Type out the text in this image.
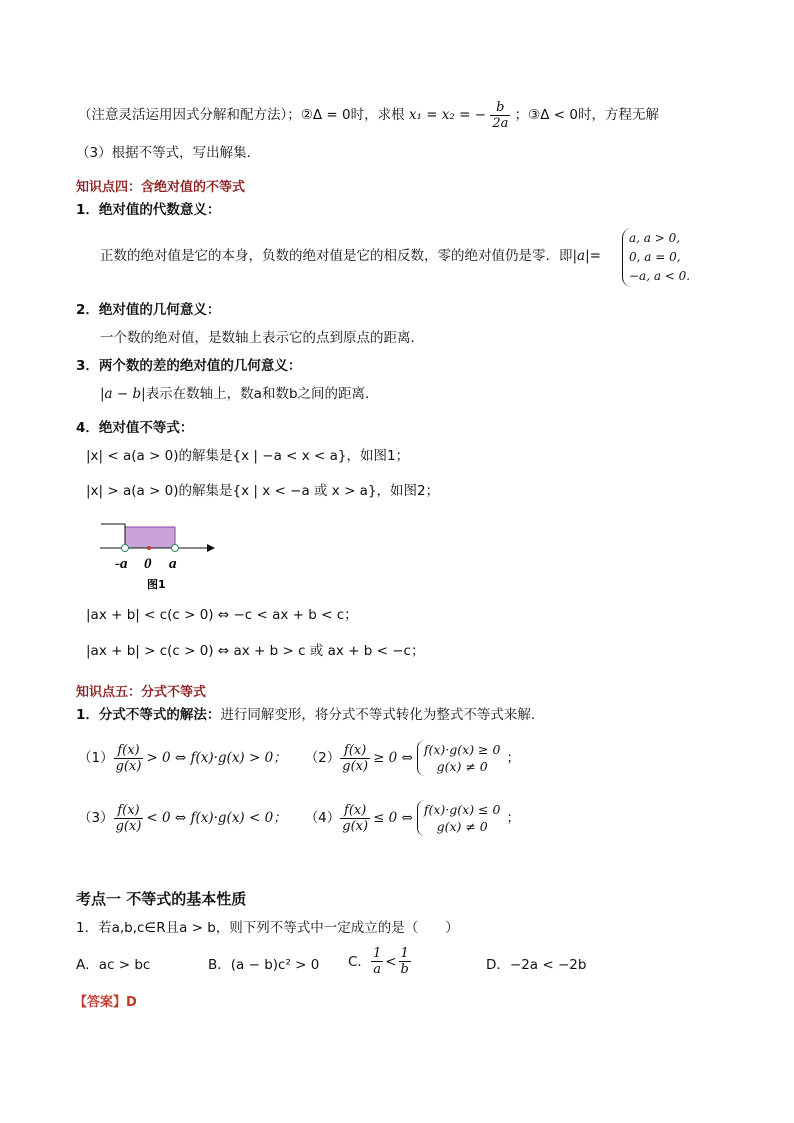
（注意灵活运用因式分解和配方法）；②Δ = 0时，求根 x₁ = x₂ = − $\frac{b}{2a}$ ；③Δ < 0时，方程无解
（3）根据不等式，写出解集.
知识点四：含绝对值的不等式
1．绝对值的代数意义：
正数的绝对值是它的本身，负数的绝对值是它的相反数，零的绝对值仍是零．即|a|=
a, a > 0,
0, a = 0,
−a, a < 0.
2．绝对值的几何意义：
一个数的绝对值，是数轴上表示它的点到原点的距离．
3．两个数的差的绝对值的几何意义：
|a − b|表示在数轴上，数a和数b之间的距离．
4．绝对值不等式：
|x| < a(a > 0)的解集是{x | −a < x < a}，如图1；
|x| > a(a > 0)的解集是{x | x < −a 或 x > a}，如图2；
-a 0 a
图1
|ax + b| < c(c > 0) ⇔ −c < ax + b < c；
|ax + b| > c(c > 0) ⇔ ax + b > c 或 ax + b < −c；
知识点五：分式不等式
1．分式不等式的解法：进行同解变形，将分式不等式转化为整式不等式来解.
$(1) \frac{f(x)}{g(x)} > 0$ ⇔ f(x)·g(x) > 0； $(2) \frac{f(x)}{g(x)} \ge 0$ ⇔
f(x)·g(x) ≥ 0
g(x) ≠ 0
；
$(3) \frac{f(x)}{g(x)} < 0$ ⇔ f(x)·g(x) < 0； $(4) \frac{f(x)}{g(x)} \le 0$ ⇔
f(x)·g(x) ≤ 0
g(x) ≠ 0
；
考点一 不等式的基本性质
1．若a,b,c∈R且a > b，则下列不等式中一定成立的是（　　）
A．ac > bc	B．(a − b)c² > 0 C． $\frac{1}{a} < \frac{1}{b}$	D．−2a < −2b
【答案】D
